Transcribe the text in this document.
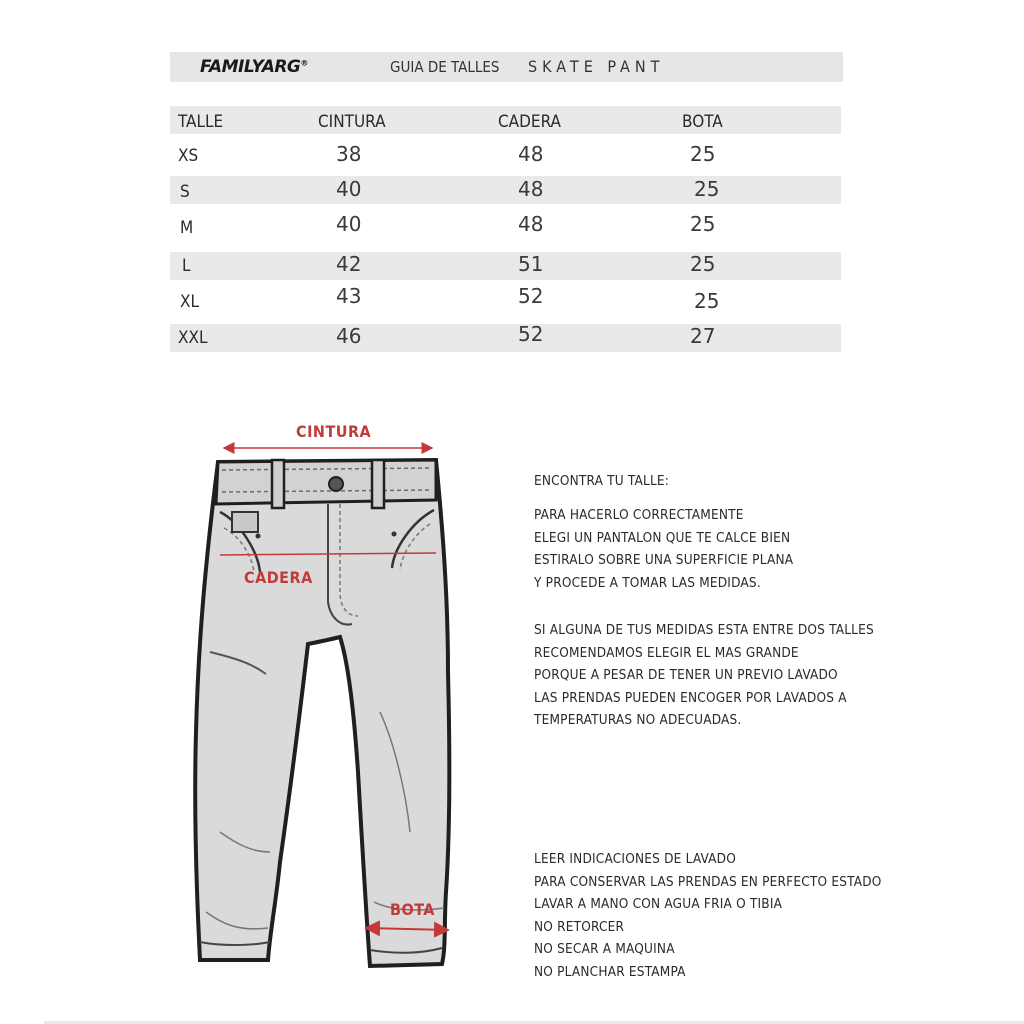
FAMILYARG®	GUIA DE TALLES SKATE PANT
TALLE	CINTURA	CADERA	BOTA
XS	38	48	25
S	40	48	25
M	40	48	25
L	42	51	25
XL	43	52	25
XXL	46	52	27
CINTURA
CADERA
BOTA
ENCONTRA TU TALLE:
PARA HACERLO CORRECTAMENTE
ELEGI UN PANTALON QUE TE CALCE BIEN
ESTIRALO SOBRE UNA SUPERFICIE PLANA
Y PROCEDE A TOMAR LAS MEDIDAS.
SI ALGUNA DE TUS MEDIDAS ESTA ENTRE DOS TALLES
RECOMENDAMOS ELEGIR EL MAS GRANDE
PORQUE A PESAR DE TENER UN PREVIO LAVADO
LAS PRENDAS PUEDEN ENCOGER POR LAVADOS A
TEMPERATURAS NO ADECUADAS.
LEER INDICACIONES DE LAVADO
PARA CONSERVAR LAS PRENDAS EN PERFECTO ESTADO
LAVAR A MANO CON AGUA FRIA O TIBIA
NO RETORCER
NO SECAR A MAQUINA
NO PLANCHAR ESTAMPA
